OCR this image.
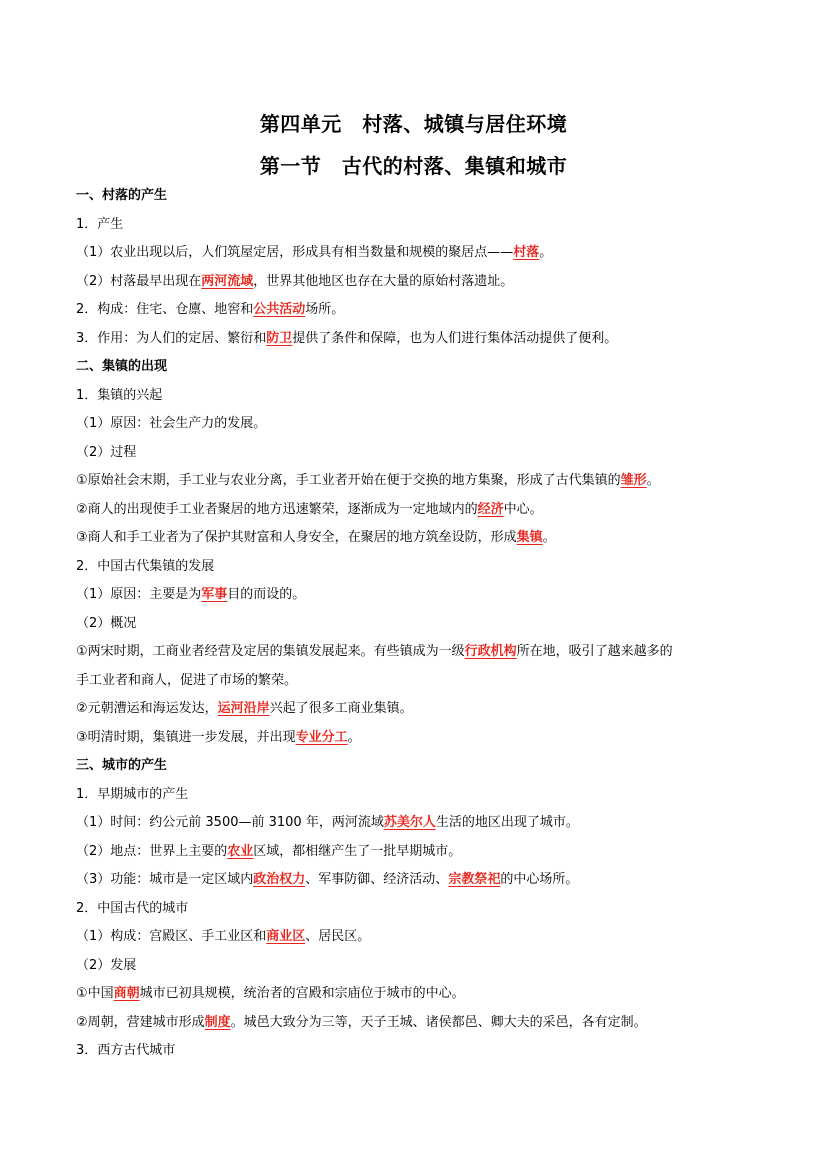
第四单元　村落、城镇与居住环境
第一节　古代的村落、集镇和城市
一、村落的产生
1．产生
（1）农业出现以后，人们筑屋定居，形成具有相当数量和规模的聚居点——村落。
（2）村落最早出现在两河流域，世界其他地区也存在大量的原始村落遗址。
2．构成：住宅、仓廪、地窖和公共活动场所。
3．作用：为人们的定居、繁衍和防卫提供了条件和保障，也为人们进行集体活动提供了便利。
二、集镇的出现
1．集镇的兴起
（1）原因：社会生产力的发展。
（2）过程
①原始社会末期，手工业与农业分离，手工业者开始在便于交换的地方集聚，形成了古代集镇的雏形。
②商人的出现使手工业者聚居的地方迅速繁荣，逐渐成为一定地域内的经济中心。
③商人和手工业者为了保护其财富和人身安全，在聚居的地方筑垒设防，形成集镇。
2．中国古代集镇的发展
（1）原因：主要是为军事目的而设的。
（2）概况
①两宋时期，工商业者经营及定居的集镇发展起来。有些镇成为一级行政机构所在地，吸引了越来越多的
手工业者和商人，促进了市场的繁荣。
②元朝漕运和海运发达，运河沿岸兴起了很多工商业集镇。
③明清时期，集镇进一步发展，并出现专业分工。
三、城市的产生
1．早期城市的产生
（1）时间：约公元前 3500—前 3100 年，两河流域苏美尔人生活的地区出现了城市。
（2）地点：世界上主要的农业区域，都相继产生了一批早期城市。
（3）功能：城市是一定区域内政治权力、军事防御、经济活动、宗教祭祀的中心场所。
2．中国古代的城市
（1）构成：宫殿区、手工业区和商业区、居民区。
（2）发展
①中国商朝城市已初具规模，统治者的宫殿和宗庙位于城市的中心。
②周朝，营建城市形成制度。城邑大致分为三等，天子王城、诸侯都邑、卿大夫的采邑，各有定制。
3．西方古代城市
